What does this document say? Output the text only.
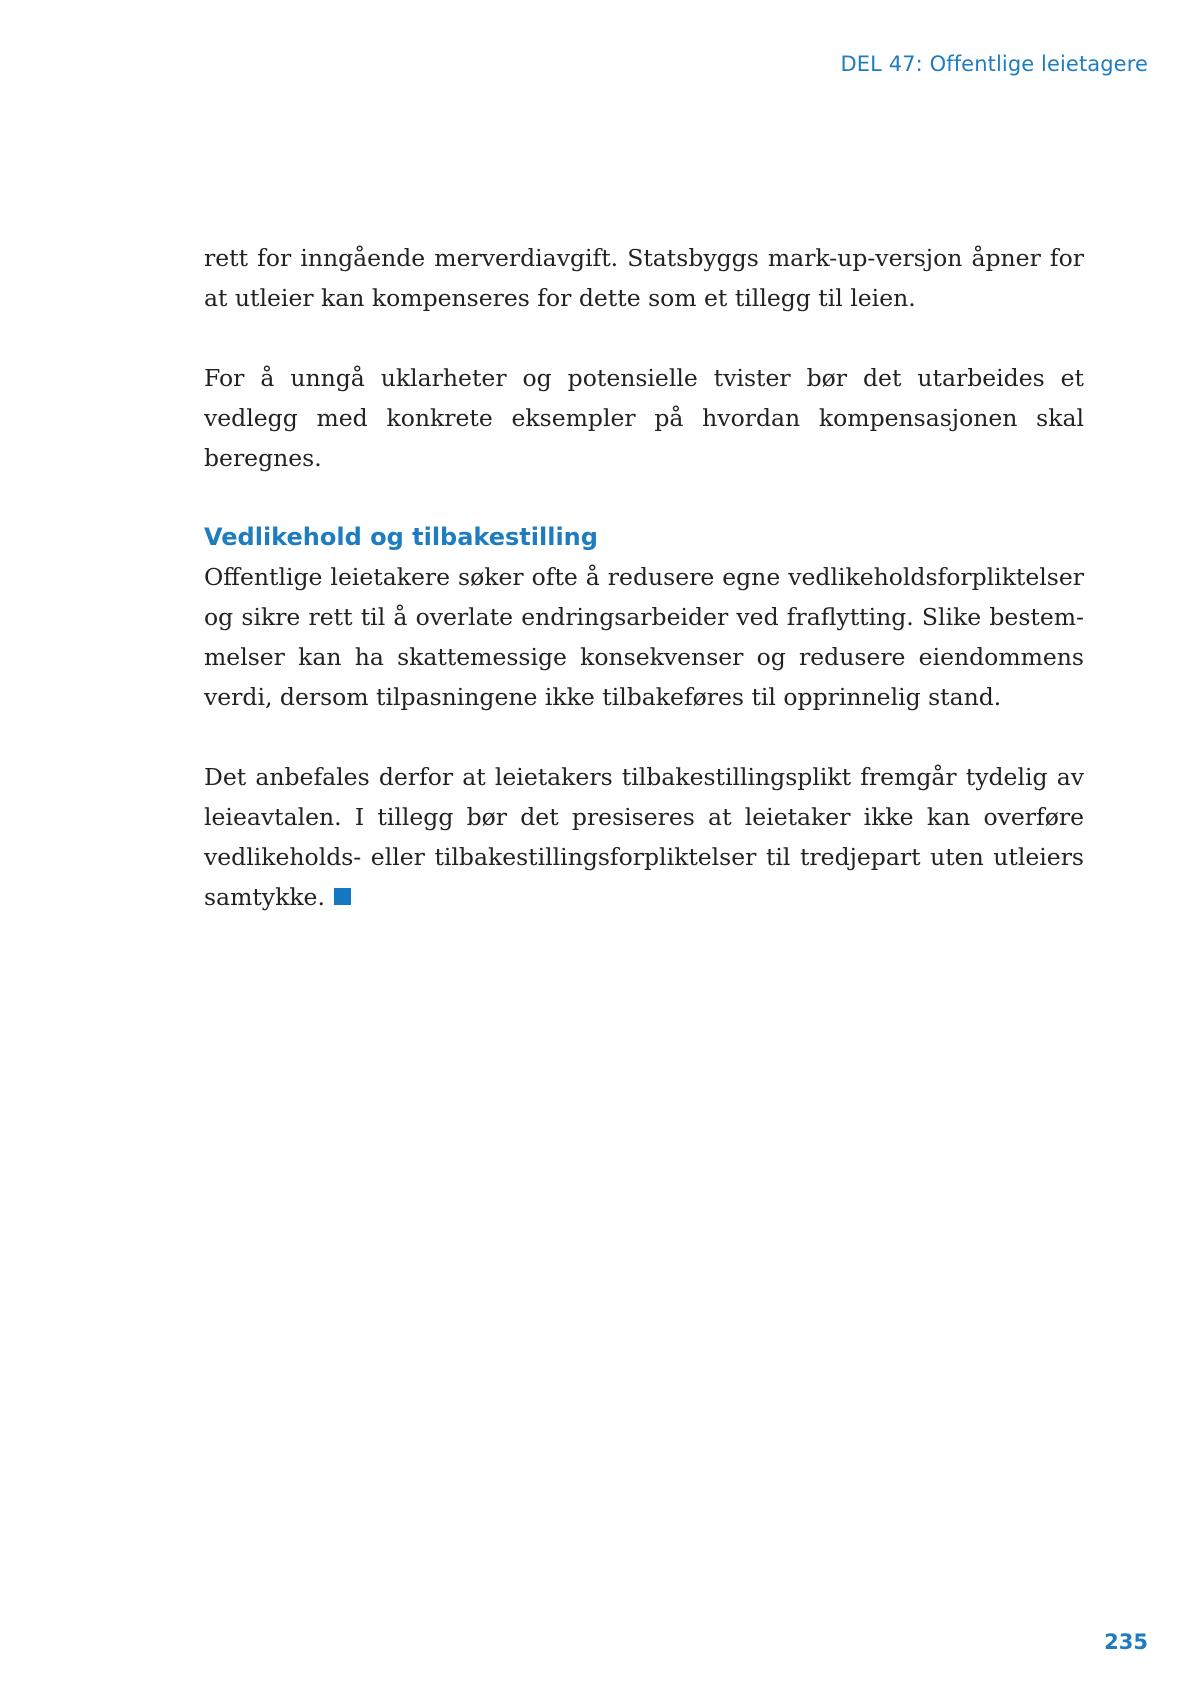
DEL 47: Offentlige leietagere

rett for inngående merverdiavgift. Statsbyggs mark-up-versjon åpner for at utleier kan kompenseres for dette som et tillegg til leien.

For å unngå uklarheter og potensielle tvister bør det utarbeides et vedlegg med konkrete eksempler på hvordan kompensasjonen skal beregnes.

Vedlikehold og tilbakestilling

Offentlige leietakere søker ofte å redusere egne vedlikeholdsforpliktelser og sikre rett til å overlate endringsarbeider ved fraflytting. Slike bestemmelser kan ha skattemessige konsekvenser og redusere eiendommens verdi, dersom tilpasningene ikke tilbakeføres til opprinnelig stand.

Det anbefales derfor at leietakers tilbakestillingsplikt fremgår tydelig av leieavtalen. I tillegg bør det presiseres at leietaker ikke kan overføre vedlikeholds- eller tilbakestillingsforpliktelser til tredjepart uten utleiers samtykke.

235
